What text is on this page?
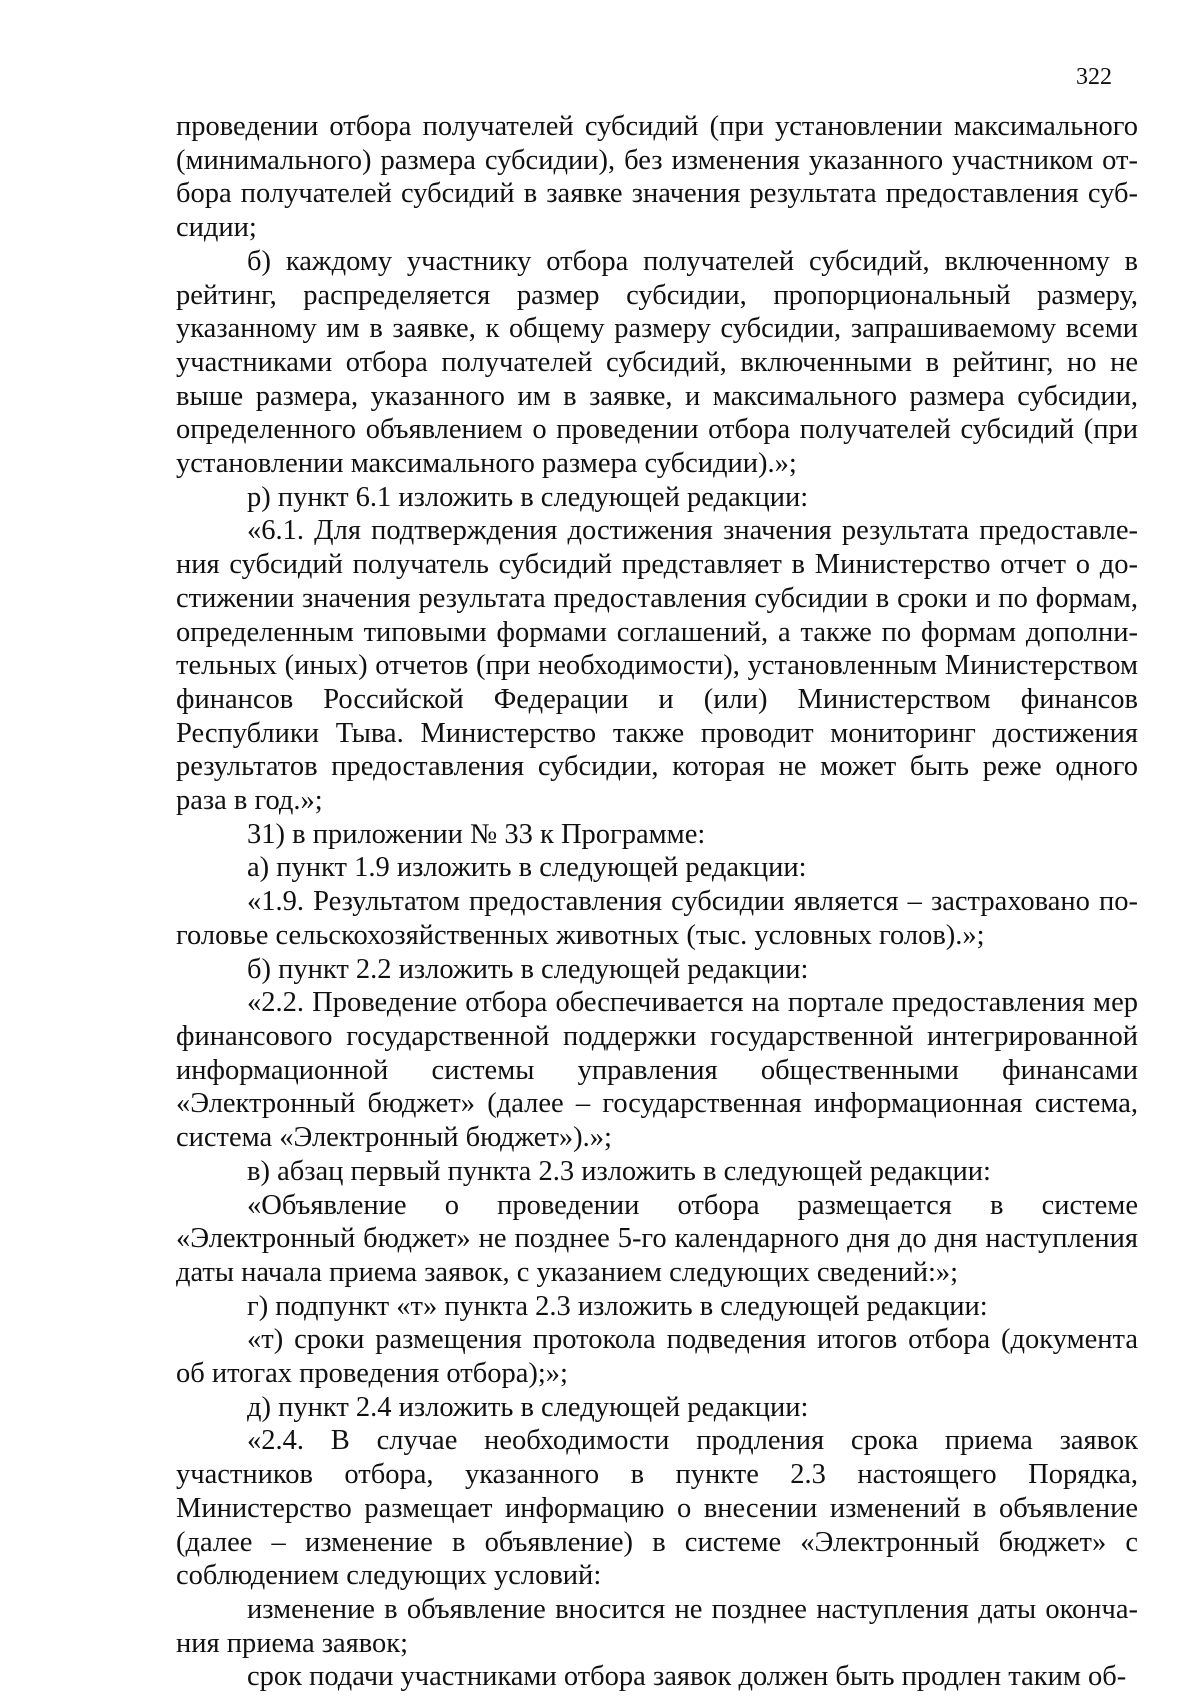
322

проведении отбора получателей субсидий (при установлении максимального (минимального) размера субсидии), без изменения указанного участником отбора получателей субсидий в заявке значения результата предоставления субсидии;

б) каждому участнику отбора получателей субсидий, включенному в рейтинг, распределяется размер субсидии, пропорциональный размеру, указанному им в заявке, к общему размеру субсидии, запрашиваемому всеми участниками отбора получателей субсидий, включенными в рейтинг, но не выше размера, указанного им в заявке, и максимального размера субсидии, определенного объявлением о проведении отбора получателей субсидий (при установлении максимального размера субсидии).»;

р) пункт 6.1 изложить в следующей редакции:

«6.1. Для подтверждения достижения значения результата предоставления субсидий получатель субсидий представляет в Министерство отчет о достижении значения результата предоставления субсидии в сроки и по формам, определенным типовыми формами соглашений, а также по формам дополнительных (иных) отчетов (при необходимости), установленным Министерством финансов Российской Федерации и (или) Министерством финансов Республики Тыва. Министерство также проводит мониторинг достижения результатов предоставления субсидии, которая не может быть реже одного раза в год.»;

31) в приложении № 33 к Программе:

а) пункт 1.9 изложить в следующей редакции:

«1.9. Результатом предоставления субсидии является – застраховано поголовье сельскохозяйственных животных (тыс. условных голов).»;

б) пункт 2.2 изложить в следующей редакции:

«2.2. Проведение отбора обеспечивается на портале предоставления мер финансового государственной поддержки государственной интегрированной информационной системы управления общественными финансами «Электронный бюджет» (далее – государственная информационная система, система «Электронный бюджет»).»;

в) абзац первый пункта 2.3 изложить в следующей редакции:

«Объявление о проведении отбора размещается в системе «Электронный бюджет» не позднее 5-го календарного дня до дня наступления даты начала приема заявок, с указанием следующих сведений:»;

г) подпункт «т» пункта 2.3 изложить в следующей редакции:

«т) сроки размещения протокола подведения итогов отбора (документа об итогах проведения отбора);»;

д) пункт 2.4 изложить в следующей редакции:

«2.4. В случае необходимости продления срока приема заявок участников отбора, указанного в пункте 2.3 настоящего Порядка, Министерство размещает информацию о внесении изменений в объявление (далее – изменение в объявление) в системе «Электронный бюджет» с соблюдением следующих условий:

изменение в объявление вносится не позднее наступления даты окончания приема заявок;

срок подачи участниками отбора заявок должен быть продлен таким об-
